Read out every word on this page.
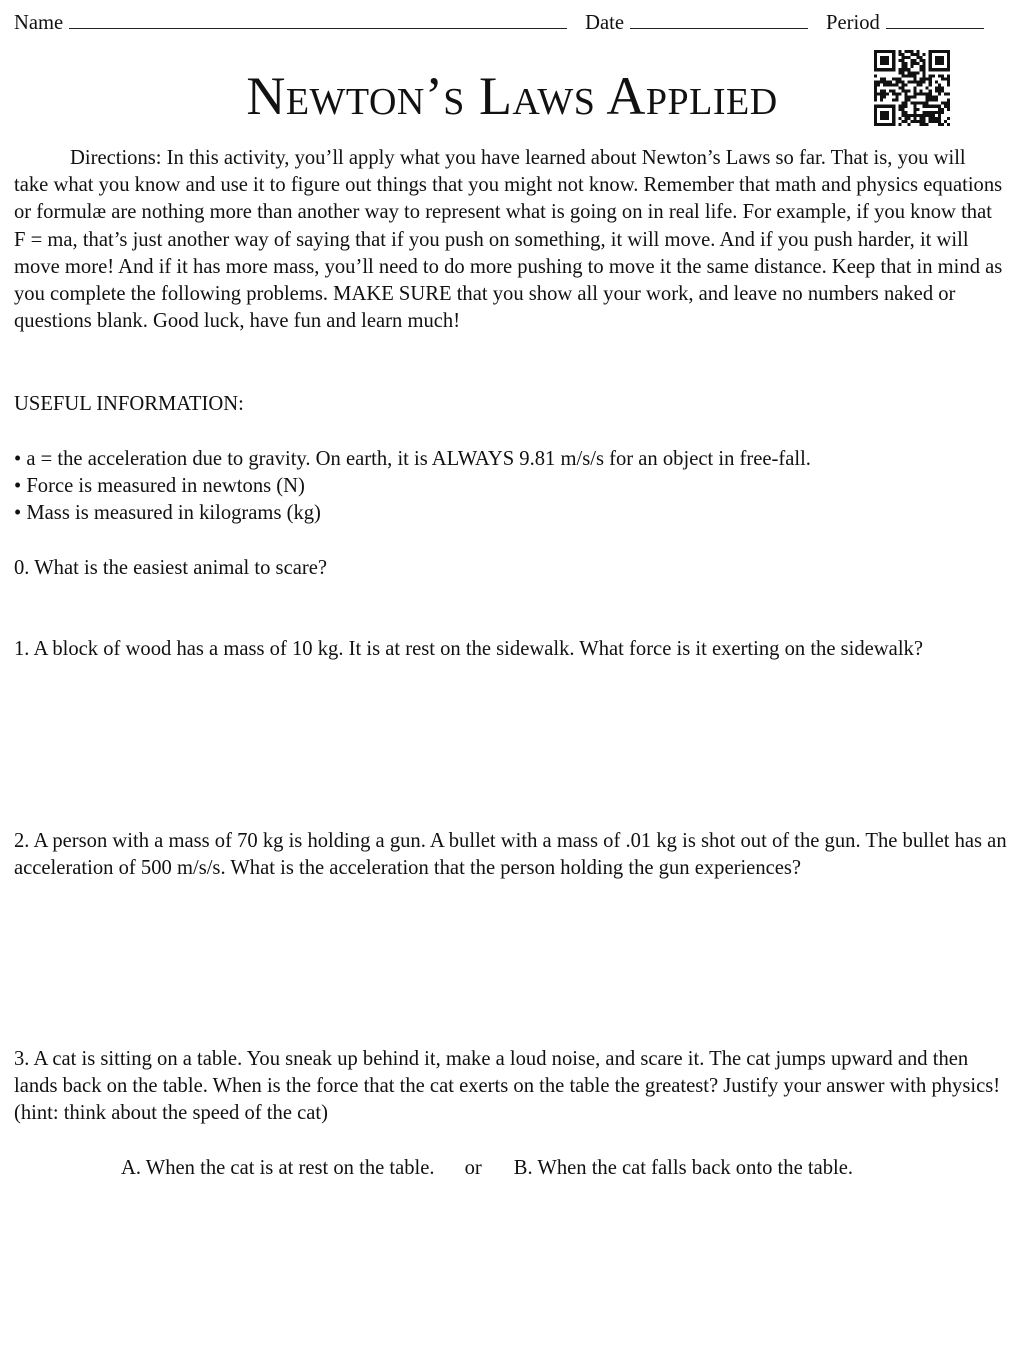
Name	Date	Period
Newton’s Laws Applied
Directions: In this activity, you’ll apply what you have learned about Newton’s Laws so far. That is, you will take what you know and use it to figure out things that you might not know. Remember that math and physics equations or formulæ are nothing more than another way to represent what is going on in real life. For example, if you know that F = ma, that’s just another way of saying that if you push on something, it will move. And if you push harder, it will move more! And if it has more mass, you’ll need to do more pushing to move it the same distance. Keep that in mind as you complete the following problems. MAKE SURE that you show all your work, and leave no numbers naked or questions blank. Good luck, have fun and learn much!
USEFUL INFORMATION:
• a = the acceleration due to gravity. On earth, it is ALWAYS 9.81 m/s/s for an object in free-fall.
• Force is measured in newtons (N)
• Mass is measured in kilograms (kg)
0. What is the easiest animal to scare?
1. A block of wood has a mass of 10 kg. It is at rest on the sidewalk. What force is it exerting on the sidewalk?
2. A person with a mass of 70 kg is holding a gun. A bullet with a mass of .01 kg is shot out of the gun. The bullet has an acceleration of 500 m/s/s. What is the acceleration that the person holding the gun experiences?
3. A cat is sitting on a table. You sneak up behind it, make a loud noise, and scare it. The cat jumps upward and then lands back on the table. When is the force that the cat exerts on the table the greatest? Justify your answer with physics! (hint: think about the speed of the cat)
A. When the cat is at rest on the table. or B. When the cat falls back onto the table.
